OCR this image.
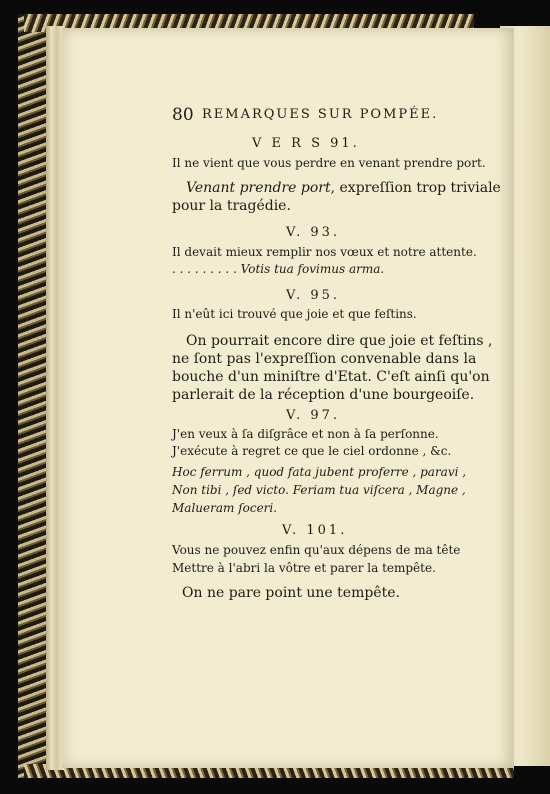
80 REMARQUES SUR POMPÉE.
V E R S 91.
Il ne vient que vous perdre en venant prendre port.
Venant prendre port, expreſſion trop triviale
pour la tragédie.
V. 93.
Il devait mieux remplir nos vœux et notre attente.
. . . . . . . . . Votis tua fovimus arma.
V. 95.
Il n'eût ici trouvé que joie et que feſtins.
On pourrait encore dire que joie et feſtins ,
ne ſont pas l'expreſſion convenable dans la
bouche d'un miniſtre d'Etat. C'eſt ainſi qu'on
parlerait de la réception d'une bourgeoiſe.
V. 97.
J'en veux à ſa diſgrâce et non à ſa perſonne.
J'exécute à regret ce que le ciel ordonne , &c.
Hoc ferrum , quod fata jubent proferre , paravi ,
Non tibi , ſed victo. Feriam tua viſcera , Magne ,
Malueram ſoceri.
V. 101.
Vous ne pouvez enfin qu'aux dépens de ma tête
Mettre à l'abri la vôtre et parer la tempête.
On ne pare point une tempête.
